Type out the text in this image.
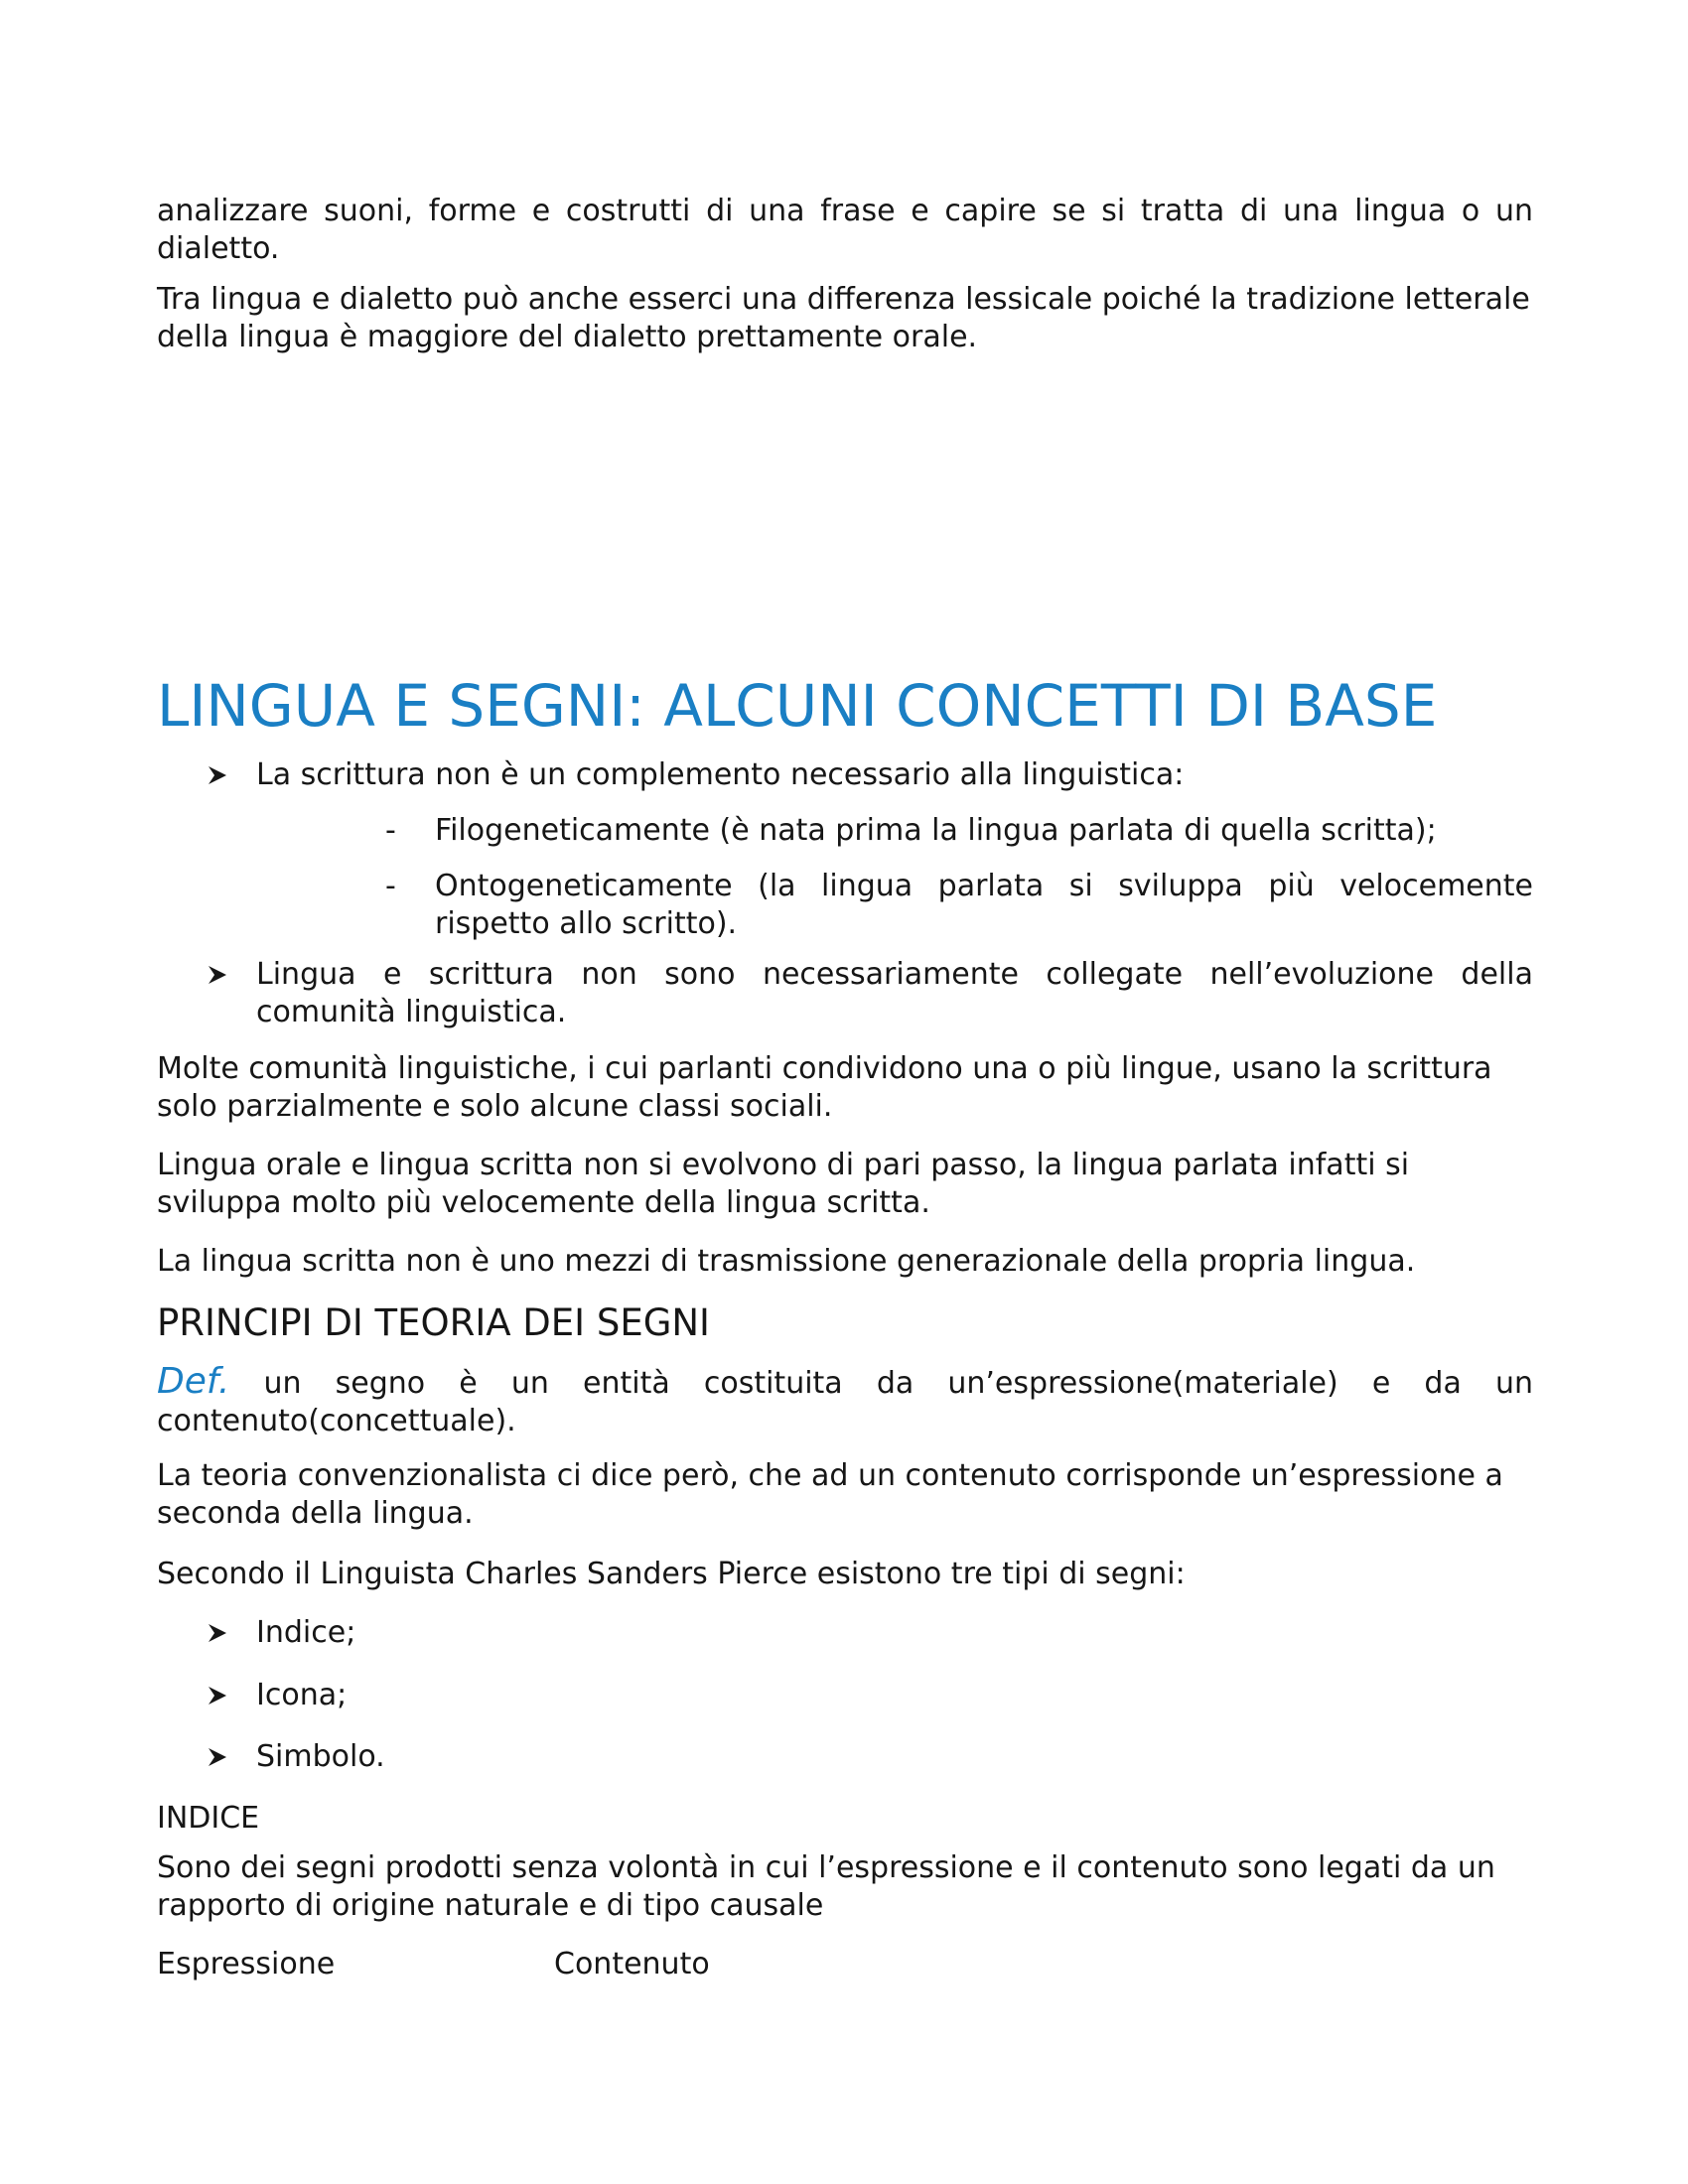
analizzare suoni, forme e costrutti di una frase e capire se si tratta di una lingua o un dialetto.

Tra lingua e dialetto può anche esserci una differenza lessicale poiché la tradizione letterale della lingua è maggiore del dialetto prettamente orale.

LINGUA E SEGNI: ALCUNI CONCETTI DI BASE
La scrittura non è un complemento necessario alla linguistica:
- Filogeneticamente (è nata prima la lingua parlata di quella scritta);
- Ontogeneticamente (la lingua parlata si sviluppa più velocemente rispetto allo scritto).
Lingua e scrittura non sono necessariamente collegate nell’evoluzione della comunità linguistica.

Molte comunità linguistiche, i cui parlanti condividono una o più lingue, usano la scrittura solo parzialmente e solo alcune classi sociali.

Lingua orale e lingua scritta non si evolvono di pari passo, la lingua parlata infatti si sviluppa molto più velocemente della lingua scritta.

La lingua scritta non è uno mezzi di trasmissione generazionale della propria lingua.

PRINCIPI DI TEORIA DEI SEGNI

Def. un segno è un entità costituita da un’espressione(materiale) e da un contenuto(concettuale).

La teoria convenzionalista ci dice però, che ad un contenuto corrisponde un’espressione a seconda della lingua.

Secondo il Linguista Charles Sanders Pierce esistono tre tipi di segni:

Indice;
Icona;
Simbolo.
INDICE

Sono dei segni prodotti senza volontà in cui l’espressione e il contenuto sono legati da un rapporto di origine naturale e di tipo causale

Espressione	Contenuto
